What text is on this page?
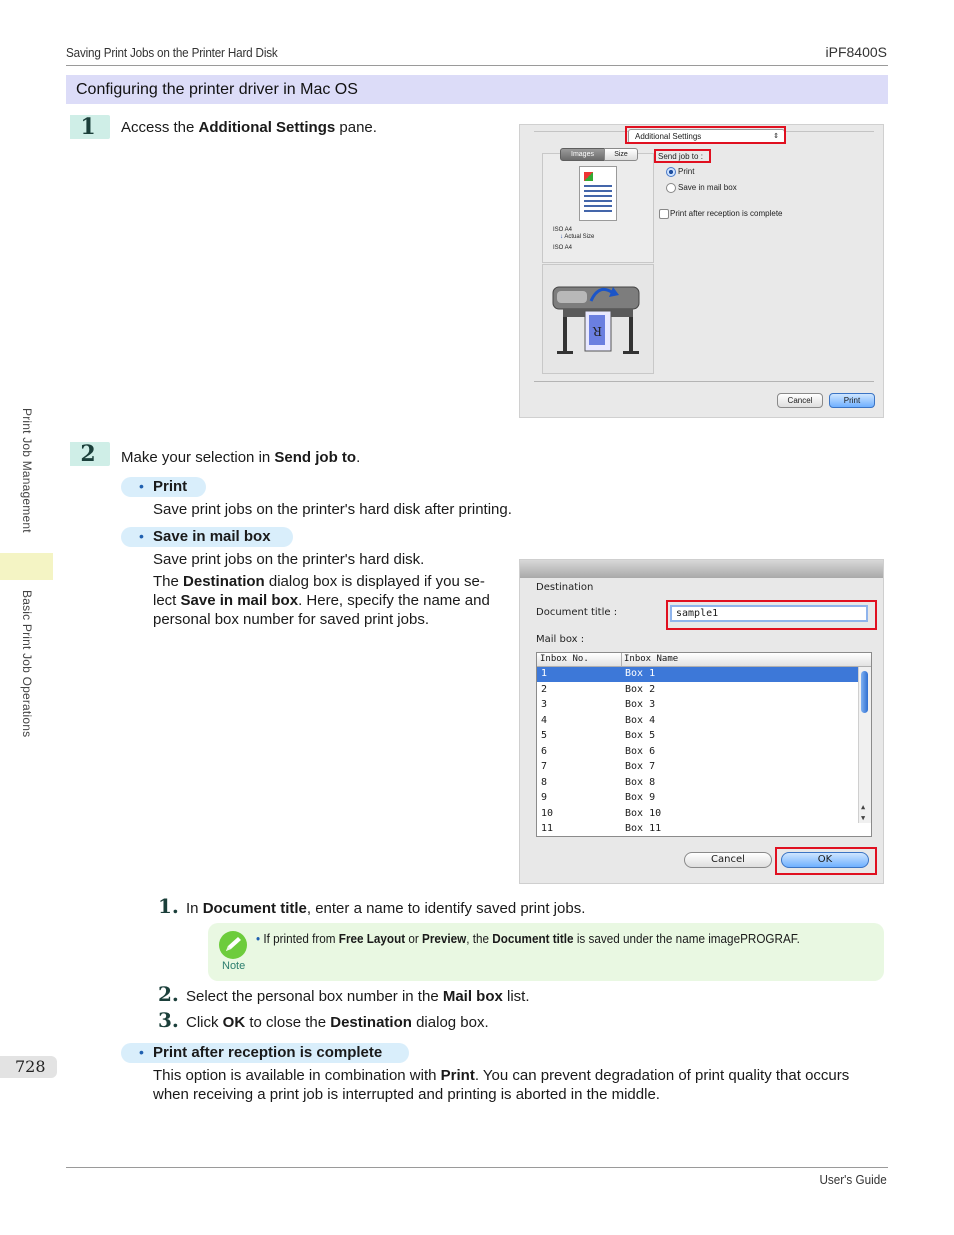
Saving Print Jobs on the Printer Hard Disk	iPF8400S
Configuring the printer driver in Mac OS
1	Access the Additional Settings pane.
Additional Settings	⇕
Images	Size
ISO A4
↓ Actual Size
ISO A4
R
Send job to :
Print
Save in mail box
Print after reception is complete
Cancel	Print
2	Make your selection in Send job to.
• Print
Save print jobs on the printer's hard disk after printing.
• Save in mail box
Save print jobs on the printer's hard disk.
The Destination dialog box is displayed if you se-
lect Save in mail box. Here, specify the name and
personal box number for saved print jobs.
Destination
Document title :	sample1
Mail box :
Inbox No.	Inbox Name
1	Box 1
2	Box 2
3	Box 3
4	Box 4
5	Box 5
6	Box 6
7	Box 7
8	Box 8
9	Box 9
10	Box 10
11	Box 11
▲
▼
Cancel	OK
1. In Document title, enter a name to identify saved print jobs.
Note
• If printed from Free Layout or Preview, the Document title is saved under the name imagePROGRAF.
2. Select the personal box number in the Mail box list.
3. Click OK to close the Destination dialog box.
• Print after reception is complete
This option is available in combination with Print. You can prevent degradation of print quality that occurs
when receiving a print job is interrupted and printing is aborted in the middle.
Print Job Management
Basic Print Job Operations
728
User's Guide
